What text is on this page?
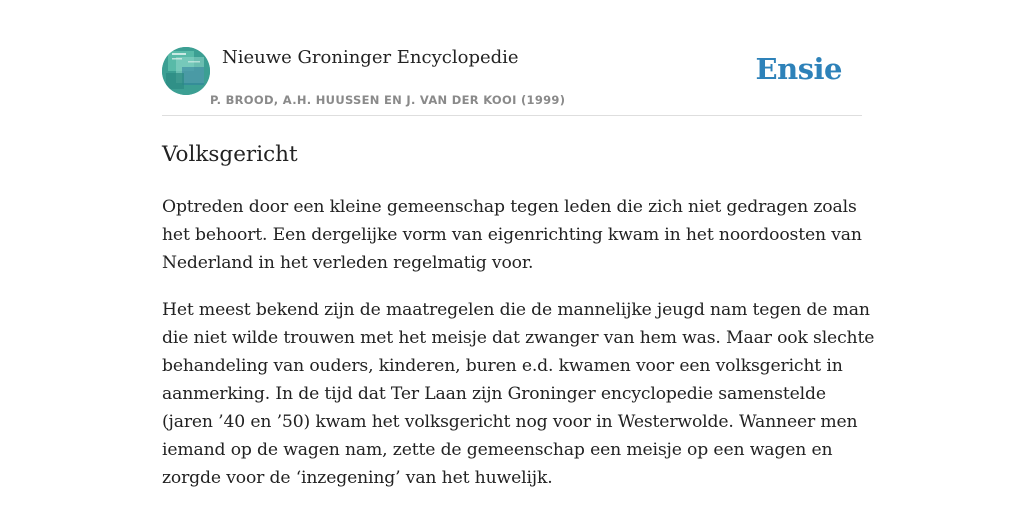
Nieuwe Groninger Encyclopedie
P. BROOD, A.H. HUUSSEN EN J. VAN DER KOOI (1999)
Ensie
Volksgericht

Optreden door een kleine gemeenschap tegen leden die zich niet gedragen zoals
het behoort. Een dergelijke vorm van eigenrichting kwam in het noordoosten van
Nederland in het verleden regelmatig voor.

Het meest bekend zijn de maatregelen die de mannelijke jeugd nam tegen de man
die niet wilde trouwen met het meisje dat zwanger van hem was. Maar ook slechte
behandeling van ouders, kinderen, buren e.d. kwamen voor een volksgericht in
aanmerking. In de tijd dat Ter Laan zijn Groninger encyclopedie samenstelde
(jaren ’40 en ’50) kwam het volksgericht nog voor in Westerwolde. Wanneer men
iemand op de wagen nam, zette de gemeenschap een meisje op een wagen en
zorgde voor de ‘inzegening’ van het huwelijk.
